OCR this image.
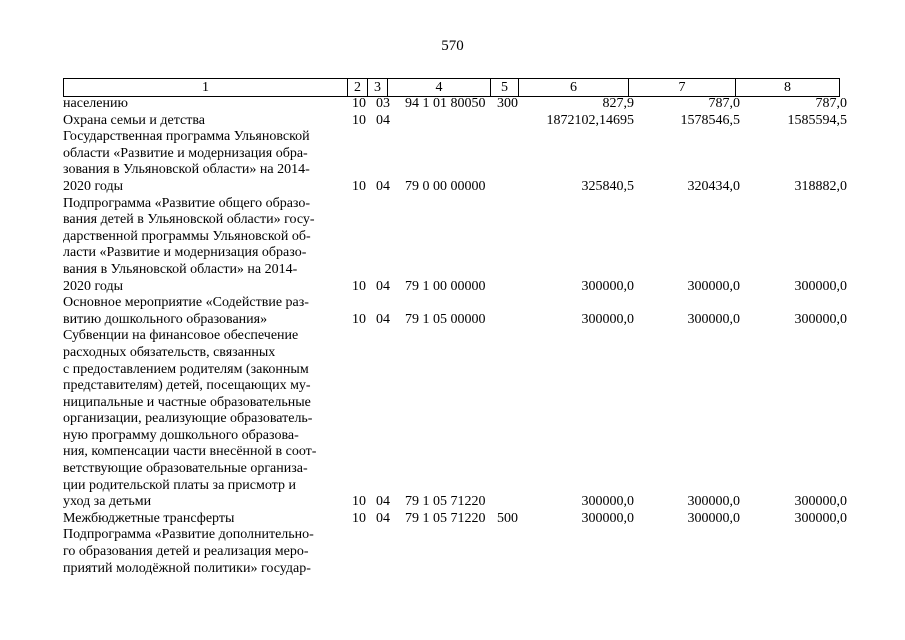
570
1	2	3	4	5	6	7	8
населению	10 03	94 1 01 80050 300	827,9	787,0	787,0
Охрана семьи и детства	10 04	1872102,14695	1578546,5	1585594,5
Государственная программа Ульяновской
области «Развитие и модернизация обра-
зования в Ульяновской области» на 2014-
2020 годы	10 04	79 0 00 00000	325840,5	320434,0	318882,0
Подпрограмма «Развитие общего образо-
вания детей в Ульяновской области» госу-
дарственной программы Ульяновской об-
ласти «Развитие и модернизация образо-
вания в Ульяновской области» на 2014-
2020 годы	10 04	79 1 00 00000	300000,0	300000,0	300000,0
Основное мероприятие «Содействие раз-
витию дошкольного образования»	10 04	79 1 05 00000	300000,0	300000,0	300000,0
Субвенции на финансовое обеспечение
расходных обязательств, связанных
с предоставлением родителям (законным
представителям) детей, посещающих му-
ниципальные и частные образовательные
организации, реализующие образователь-
ную программу дошкольного образова-
ния, компенсации части внесённой в соот-
ветствующие образовательные организа-
ции родительской платы за присмотр и
уход за детьми	10 04	79 1 05 71220	300000,0	300000,0	300000,0
Межбюджетные трансферты	10 04	79 1 05 71220 500	300000,0	300000,0	300000,0
Подпрограмма «Развитие дополнительно-
го образования детей и реализация меро-
приятий молодёжной политики» государ-
